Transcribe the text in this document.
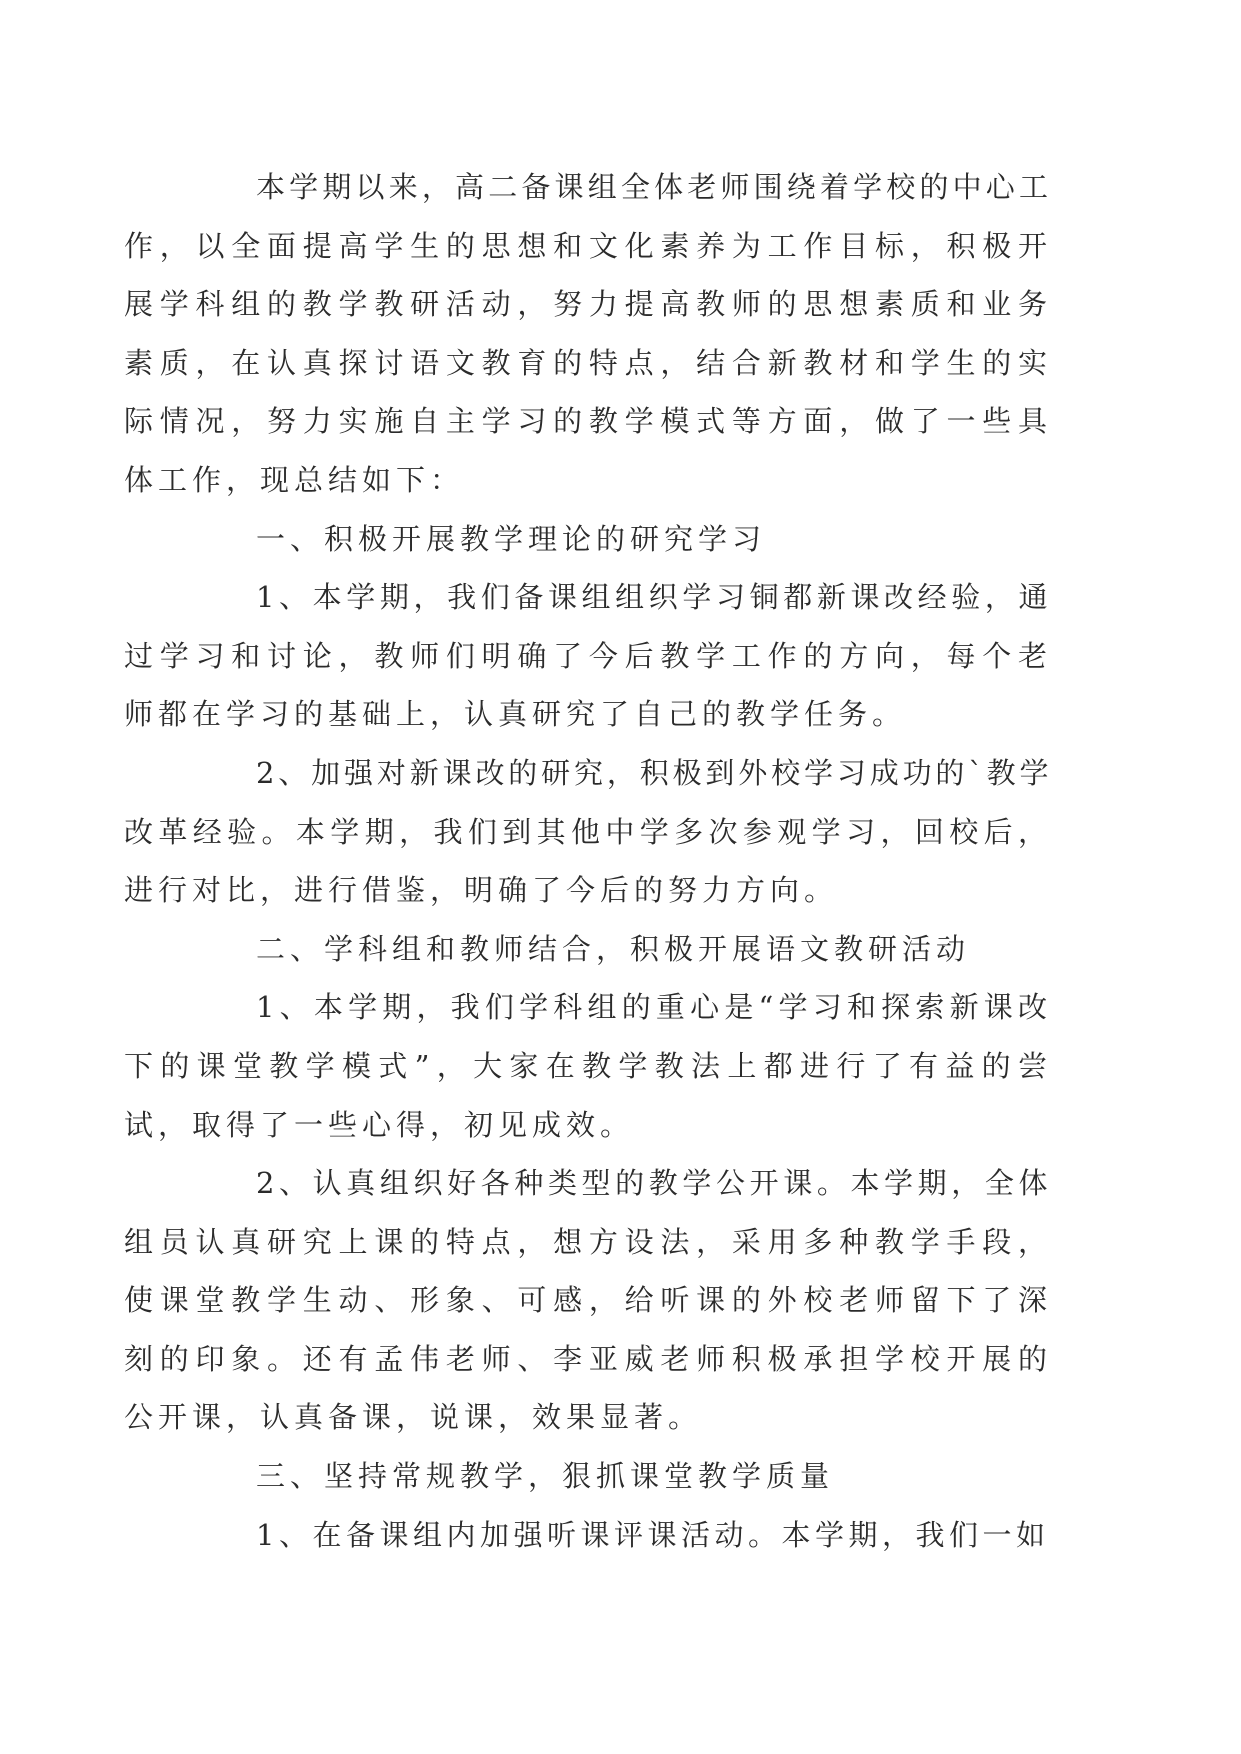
本学期以来，高二备课组全体老师围绕着学校的中心工
作，以全面提高学生的思想和文化素养为工作目标，积极开
展学科组的教学教研活动，努力提高教师的思想素质和业务
素质，在认真探讨语文教育的特点，结合新教材和学生的实
际情况，努力实施自主学习的教学模式等方面，做了一些具
体工作，现总结如下：
一、积极开展教学理论的研究学习
1、本学期，我们备课组组织学习铜都新课改经验，通
过学习和讨论，教师们明确了今后教学工作的方向，每个老
师都在学习的基础上，认真研究了自己的教学任务。
2、加强对新课改的研究，积极到外校学习成功的`教学
改革经验。本学期，我们到其他中学多次参观学习，回校后，
进行对比，进行借鉴，明确了今后的努力方向。
二、学科组和教师结合，积极开展语文教研活动
1、本学期，我们学科组的重心是“学习和探索新课改
下的课堂教学模式”，大家在教学教法上都进行了有益的尝
试，取得了一些心得，初见成效。
2、认真组织好各种类型的教学公开课。本学期，全体
组员认真研究上课的特点，想方设法，采用多种教学手段，
使课堂教学生动、形象、可感，给听课的外校老师留下了深
刻的印象。还有孟伟老师、李亚威老师积极承担学校开展的
公开课，认真备课，说课，效果显著。
三、坚持常规教学，狠抓课堂教学质量
1、在备课组内加强听课评课活动。本学期，我们一如
